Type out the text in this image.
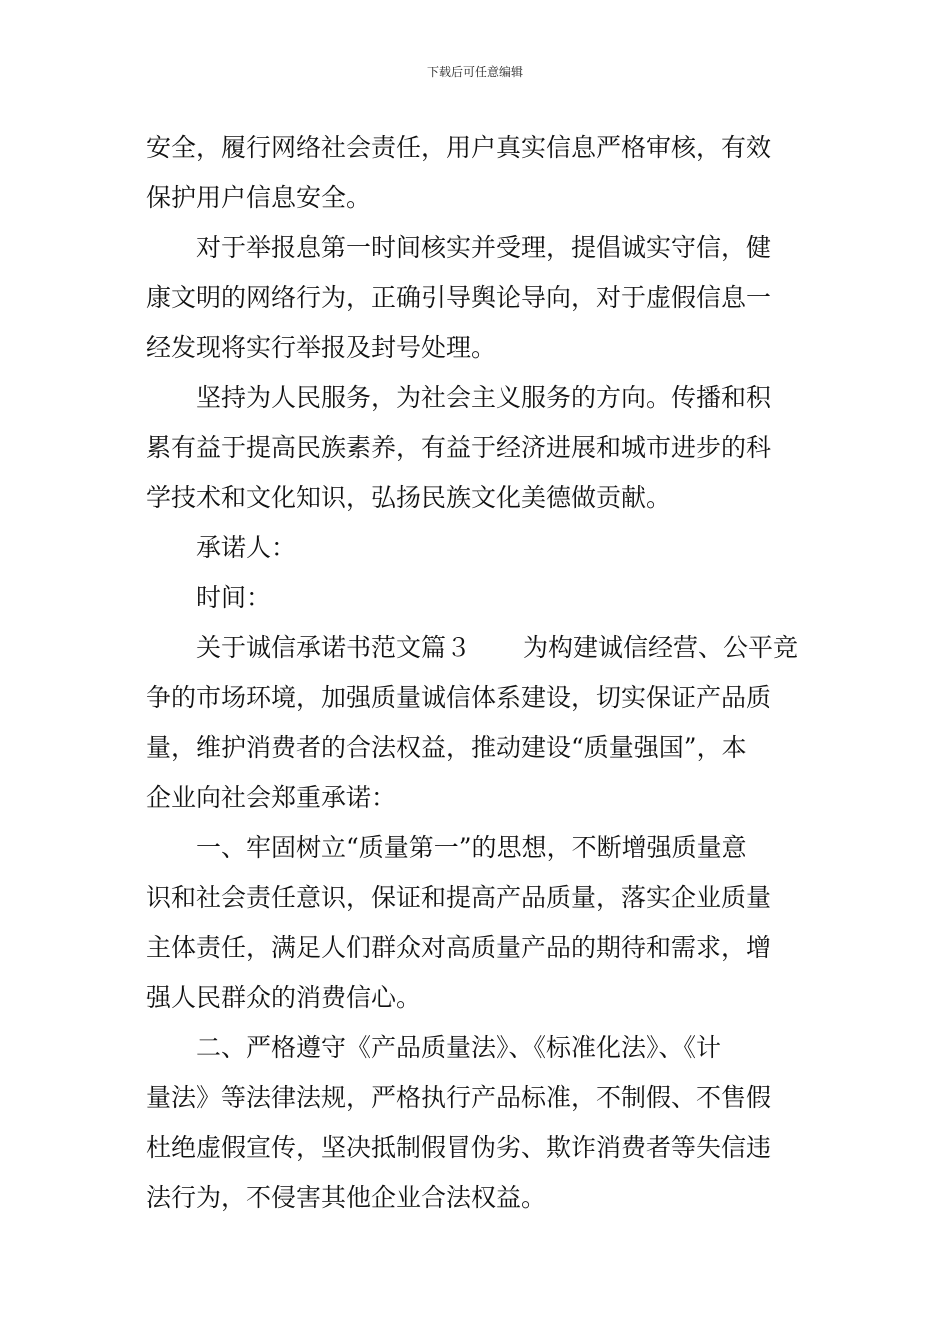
下载后可任意编辑
安全，履行网络社会责任，用户真实信息严格审核，有效
保护用户信息安全。
对于举报息第一时间核实并受理，提倡诚实守信，健
康文明的网络行为，正确引导舆论导向，对于虚假信息一
经发现将实行举报及封号处理。
坚持为人民服务，为社会主义服务的方向。传播和积
累有益于提高民族素养，有益于经济进展和城市进步的科
学技术和文化知识，弘扬民族文化美德做贡献。
承诺人：
时间：
关于诚信承诺书范文篇３ 为构建诚信经营、公平竞
争的市场环境，加强质量诚信体系建设，切实保证产品质
量，维护消费者的合法权益，推动建设“质量强国”，本
企业向社会郑重承诺：
一、牢固树立“质量第一”的思想，不断增强质量意
识和社会责任意识，保证和提高产品质量，落实企业质量
主体责任，满足人们群众对高质量产品的期待和需求，增
强人民群众的消费信心。
二、严格遵守《产品质量法》、《标准化法》、《计
量法》等法律法规，严格执行产品标准，不制假、不售假
杜绝虚假宣传，坚决抵制假冒伪劣、欺诈消费者等失信违
法行为，不侵害其他企业合法权益。
